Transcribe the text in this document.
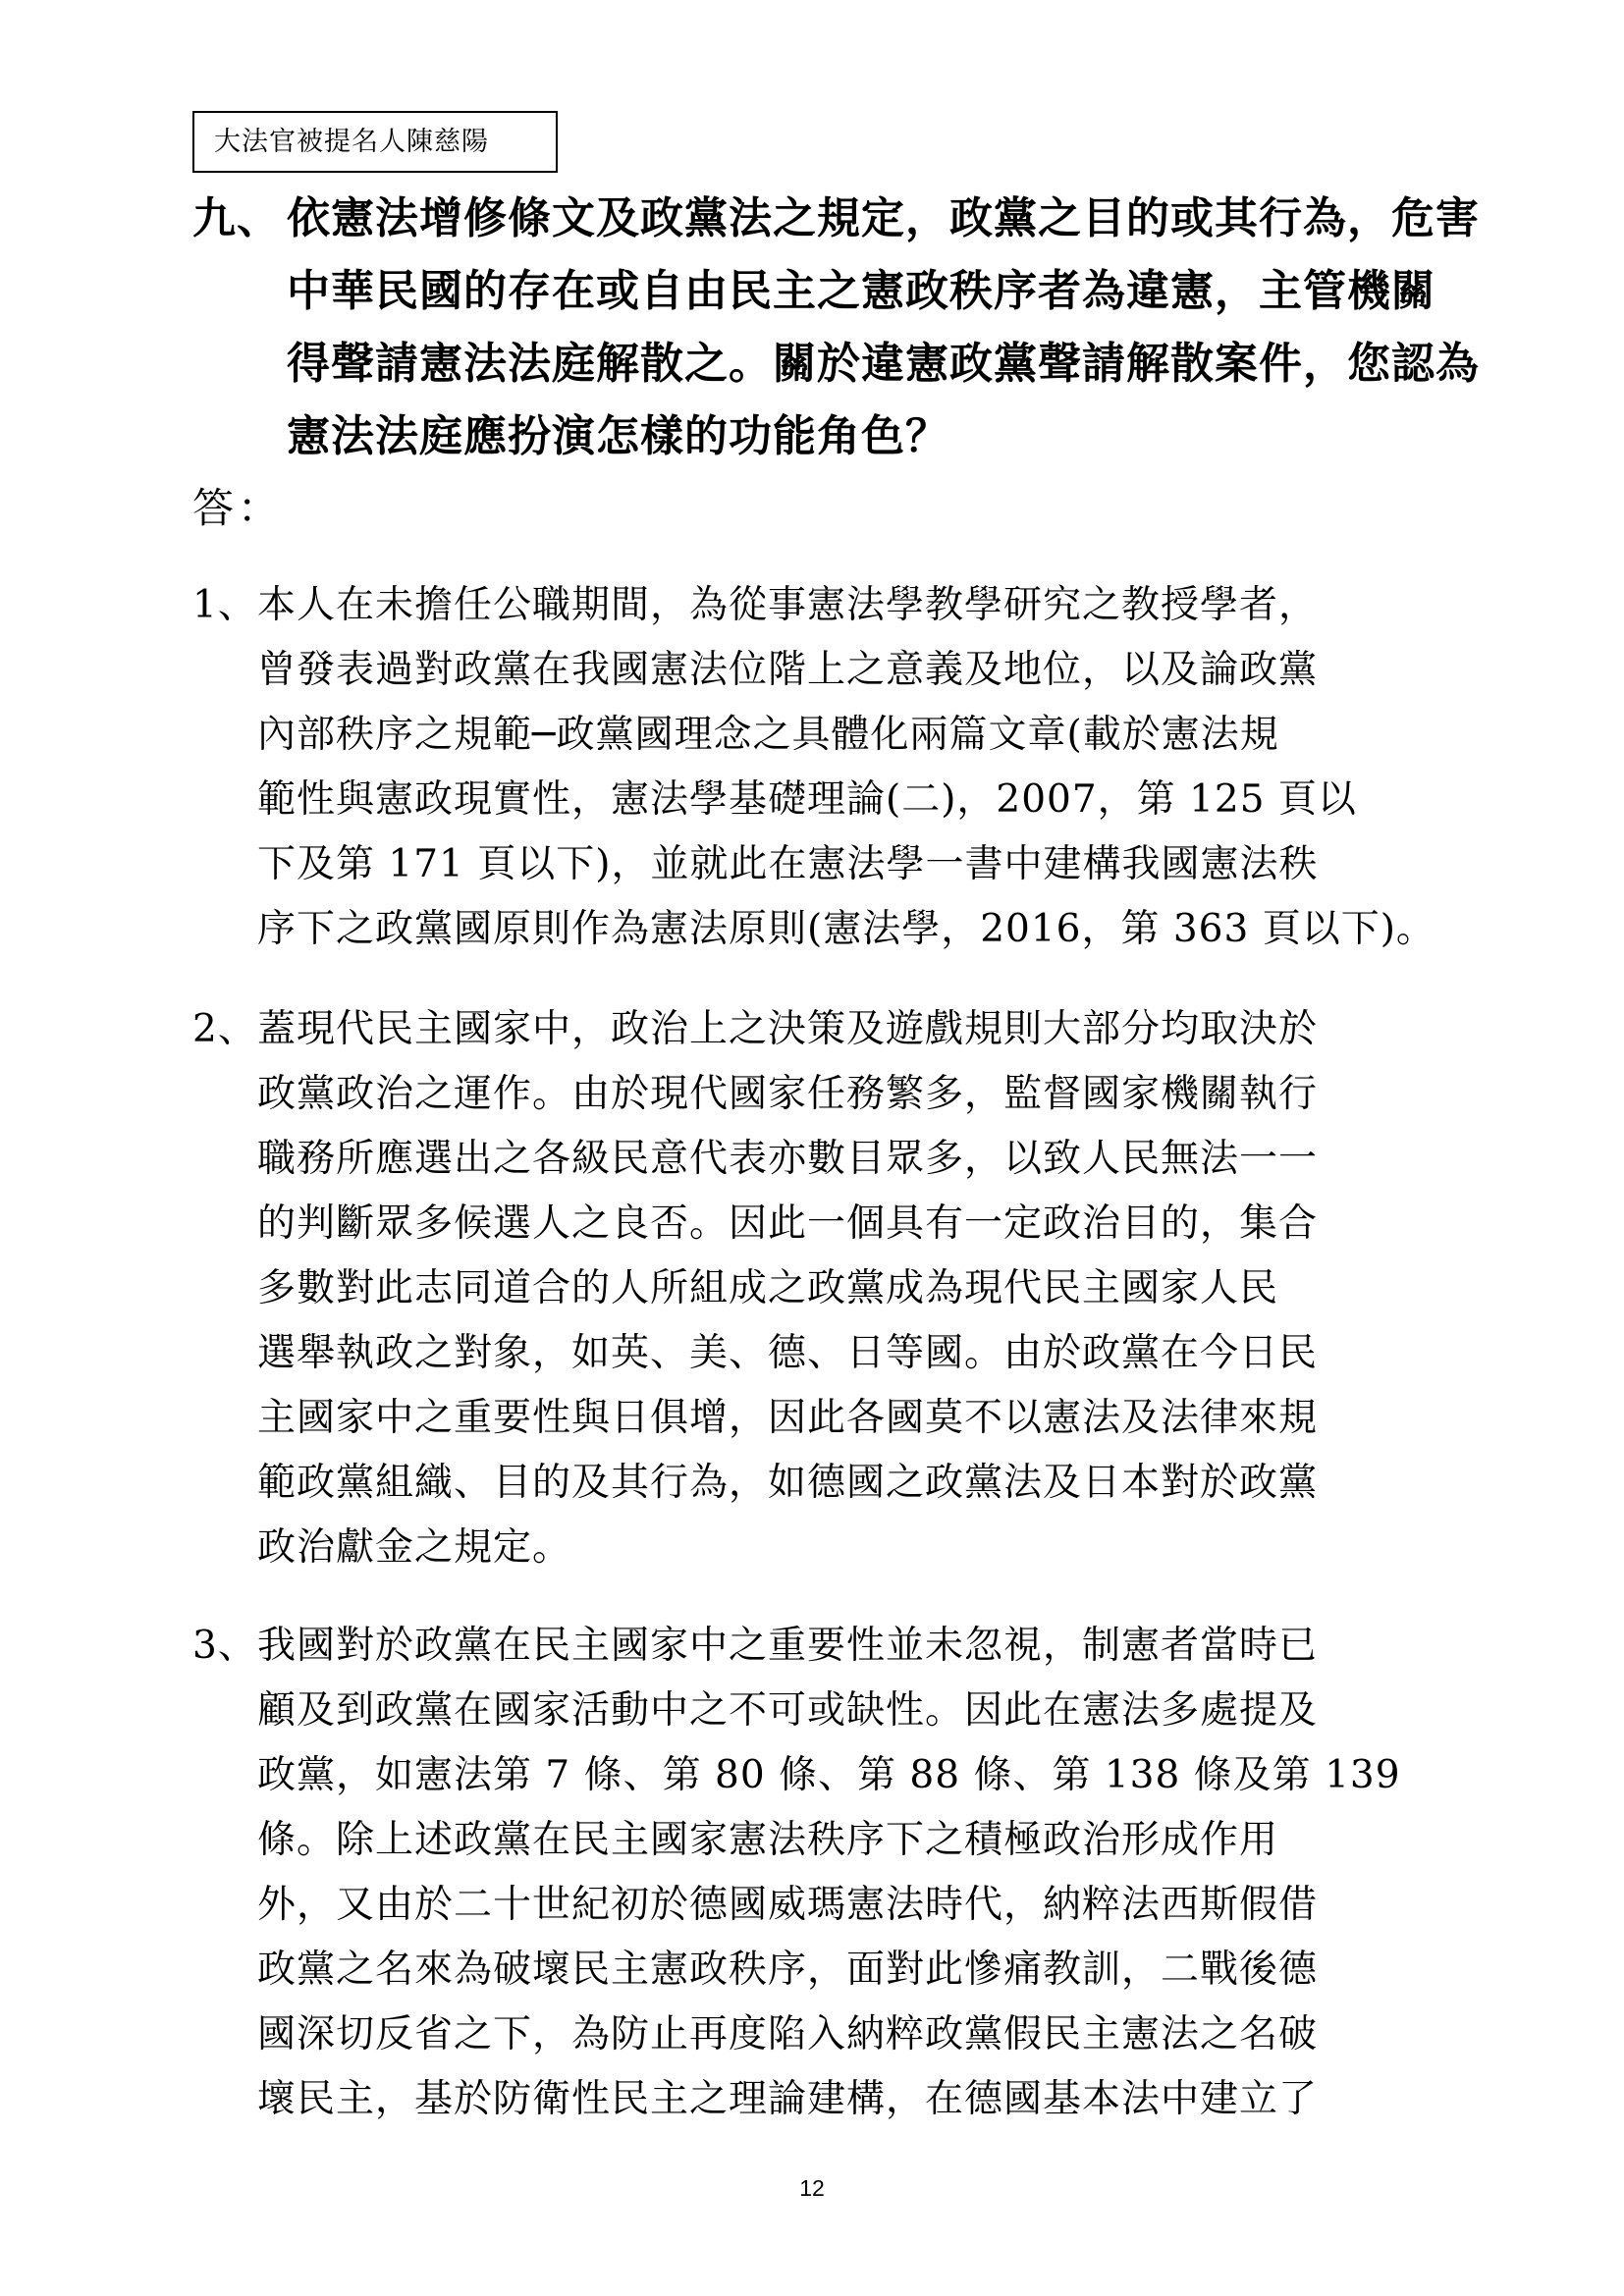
大法官被提名人陳慈陽
九、 依憲法增修條文及政黨法之規定，政黨之目的或其行為，危害
中華民國的存在或自由民主之憲政秩序者為違憲，主管機關
得聲請憲法法庭解散之。關於違憲政黨聲請解散案件，您認為
憲法法庭應扮演怎樣的功能角色？
答：
1、 本人在未擔任公職期間，為從事憲法學教學研究之教授學者，
曾發表過對政黨在我國憲法位階上之意義及地位，以及論政黨
內部秩序之規範─政黨國理念之具體化兩篇文章(載於憲法規
範性與憲政現實性，憲法學基礎理論(二)，2007，第 125 頁以
下及第 171 頁以下)，並就此在憲法學一書中建構我國憲法秩
序下之政黨國原則作為憲法原則(憲法學，2016，第 363 頁以下)。
2、 蓋現代民主國家中，政治上之決策及遊戲規則大部分均取決於
政黨政治之運作。由於現代國家任務繁多，監督國家機關執行
職務所應選出之各級民意代表亦數目眾多，以致人民無法一一
的判斷眾多候選人之良否。因此一個具有一定政治目的，集合
多數對此志同道合的人所組成之政黨成為現代民主國家人民
選舉執政之對象，如英、美、德、日等國。由於政黨在今日民
主國家中之重要性與日俱增，因此各國莫不以憲法及法律來規
範政黨組織、目的及其行為，如德國之政黨法及日本對於政黨
政治獻金之規定。
3、 我國對於政黨在民主國家中之重要性並未忽視，制憲者當時已
顧及到政黨在國家活動中之不可或缺性。因此在憲法多處提及
政黨，如憲法第 7 條、第 80 條、第 88 條、第 138 條及第 139
條。除上述政黨在民主國家憲法秩序下之積極政治形成作用
外，又由於二十世紀初於德國威瑪憲法時代，納粹法西斯假借
政黨之名來為破壞民主憲政秩序，面對此慘痛教訓，二戰後德
國深切反省之下，為防止再度陷入納粹政黨假民主憲法之名破
壞民主，基於防衛性民主之理論建構，在德國基本法中建立了
12
